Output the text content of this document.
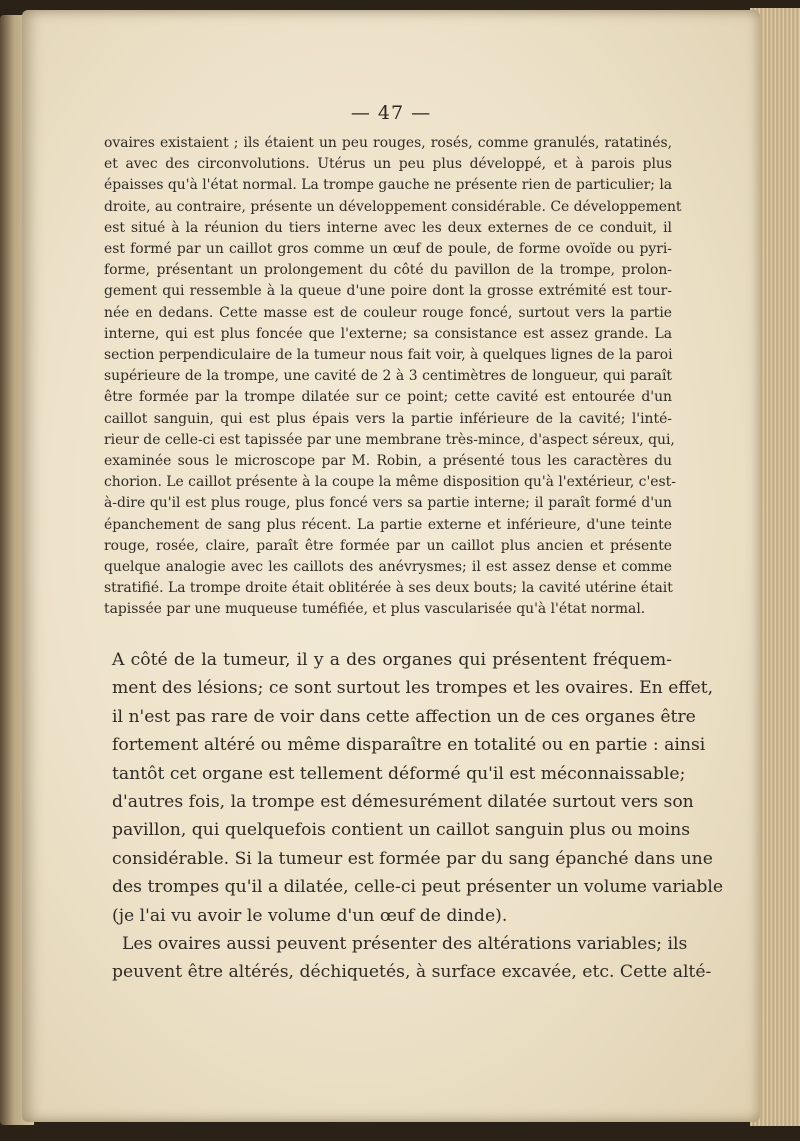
— 47 —
ovaires existaient ; ils étaient un peu rouges, rosés, comme granulés, ratatinés,
et avec des circonvolutions. Utérus un peu plus développé, et à parois plus
épaisses qu'à l'état normal. La trompe gauche ne présente rien de particulier; la
droite, au contraire, présente un développement considérable. Ce développement
est situé à la réunion du tiers interne avec les deux externes de ce conduit, il
est formé par un caillot gros comme un œuf de poule, de forme ovoïde ou pyri-
forme, présentant un prolongement du côté du pavillon de la trompe, prolon-
gement qui ressemble à la queue d'une poire dont la grosse extrémité est tour-
née en dedans. Cette masse est de couleur rouge foncé, surtout vers la partie
interne, qui est plus foncée que l'externe; sa consistance est assez grande. La
section perpendiculaire de la tumeur nous fait voir, à quelques lignes de la paroi
supérieure de la trompe, une cavité de 2 à 3 centimètres de longueur, qui paraît
être formée par la trompe dilatée sur ce point; cette cavité est entourée d'un
caillot sanguin, qui est plus épais vers la partie inférieure de la cavité; l'inté-
rieur de celle-ci est tapissée par une membrane très-mince, d'aspect séreux, qui,
examinée sous le microscope par M. Robin, a présenté tous les caractères du
chorion. Le caillot présente à la coupe la même disposition qu'à l'extérieur, c'est-
à-dire qu'il est plus rouge, plus foncé vers sa partie interne; il paraît formé d'un
épanchement de sang plus récent. La partie externe et inférieure, d'une teinte
rouge, rosée, claire, paraît être formée par un caillot plus ancien et présente
quelque analogie avec les caillots des anévrysmes; il est assez dense et comme
stratifié. La trompe droite était oblitérée à ses deux bouts; la cavité utérine était
tapissée par une muqueuse tuméfiée, et plus vascularisée qu'à l'état normal.
A côté de la tumeur, il y a des organes qui présentent fréquem-
ment des lésions; ce sont surtout les trompes et les ovaires. En effet,
il n'est pas rare de voir dans cette affection un de ces organes être
fortement altéré ou même disparaître en totalité ou en partie : ainsi
tantôt cet organe est tellement déformé qu'il est méconnaissable;
d'autres fois, la trompe est démesurément dilatée surtout vers son
pavillon, qui quelquefois contient un caillot sanguin plus ou moins
considérable. Si la tumeur est formée par du sang épanché dans une
des trompes qu'il a dilatée, celle-ci peut présenter un volume variable
(je l'ai vu avoir le volume d'un œuf de dinde).
Les ovaires aussi peuvent présenter des altérations variables; ils
peuvent être altérés, déchiquetés, à surface excavée, etc. Cette alté-
